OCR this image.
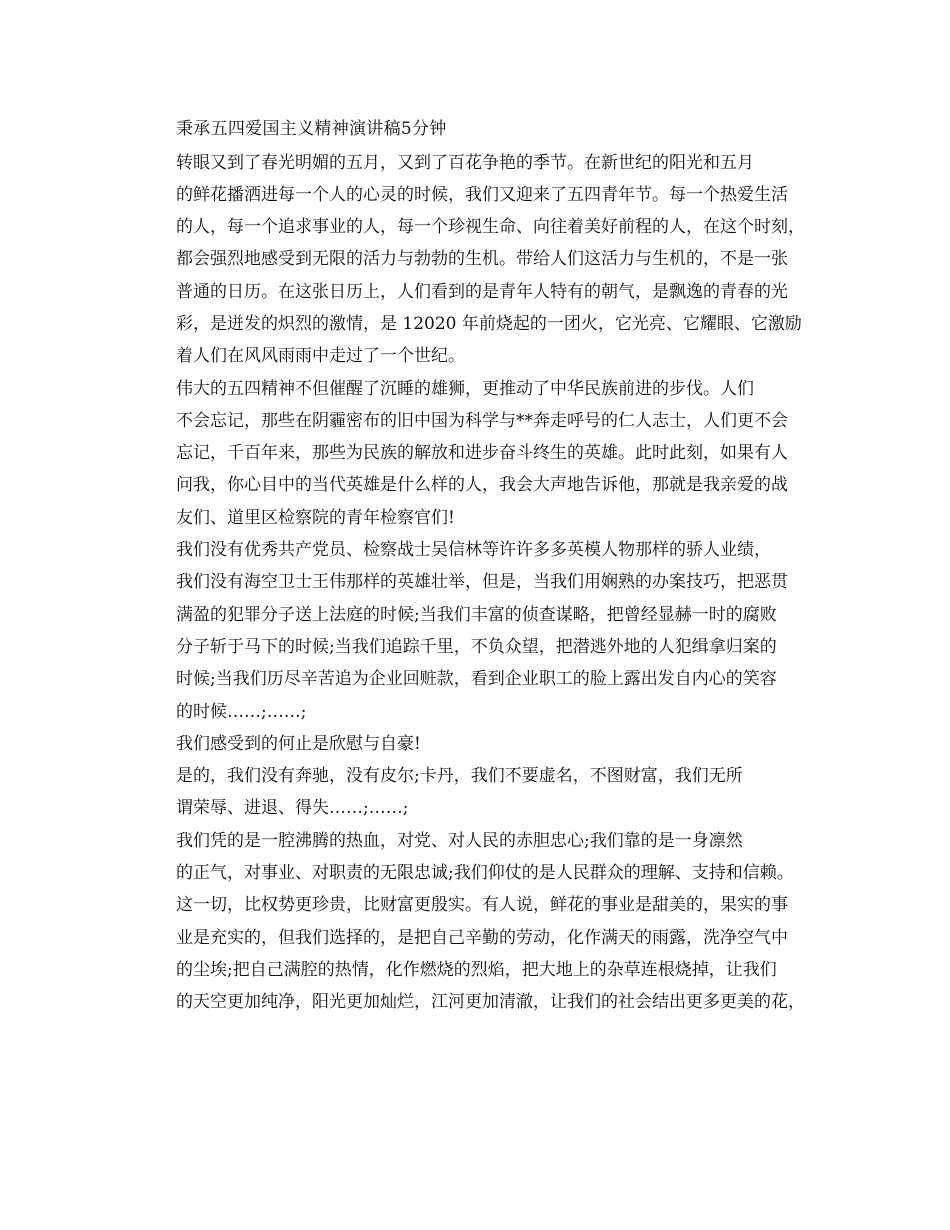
秉承五四爱国主义精神演讲稿5分钟

转眼又到了春光明媚的五月，又到了百花争艳的季节。在新世纪的阳光和五月
的鲜花播洒进每一个人的心灵的时候，我们又迎来了五四青年节。每一个热爱生活
的人，每一个追求事业的人，每一个珍视生命、向往着美好前程的人，在这个时刻，
都会强烈地感受到无限的活力与勃勃的生机。带给人们这活力与生机的，不是一张
普通的日历。在这张日历上，人们看到的是青年人特有的朝气，是飘逸的青春的光
彩，是迸发的炽烈的激情，是 12020 年前烧起的一团火，它光亮、它耀眼、它激励
着人们在风风雨雨中走过了一个世纪。

伟大的五四精神不但催醒了沉睡的雄狮，更推动了中华民族前进的步伐。人们
不会忘记，那些在阴霾密布的旧中国为科学与**奔走呼号的仁人志士，人们更不会
忘记，千百年来，那些为民族的解放和进步奋斗终生的英雄。此时此刻，如果有人
问我，你心目中的当代英雄是什么样的人，我会大声地告诉他，那就是我亲爱的战
友们、道里区检察院的青年检察官们!

我们没有优秀共产党员、检察战士吴信林等许许多多英模人物那样的骄人业绩，
我们没有海空卫士王伟那样的英雄壮举，但是，当我们用娴熟的办案技巧，把恶贯
满盈的犯罪分子送上法庭的时候;当我们丰富的侦查谋略，把曾经显赫一时的腐败
分子斩于马下的时候;当我们追踪千里，不负众望，把潜逃外地的人犯缉拿归案的
时候;当我们历尽辛苦追为企业回赃款，看到企业职工的脸上露出发自内心的笑容
的时候……;……;

我们感受到的何止是欣慰与自豪!

是的，我们没有奔驰，没有皮尔;卡丹，我们不要虚名，不图财富，我们无所
谓荣辱、进退、得失……;……;

我们凭的是一腔沸腾的热血，对党、对人民的赤胆忠心;我们靠的是一身凛然
的正气，对事业、对职责的无限忠诚;我们仰仗的是人民群众的理解、支持和信赖。
这一切，比权势更珍贵，比财富更殷实。有人说，鲜花的事业是甜美的，果实的事
业是充实的，但我们选择的，是把自己辛勤的劳动，化作满天的雨露，洗净空气中
的尘埃;把自己满腔的热情，化作燃烧的烈焰，把大地上的杂草连根烧掉，让我们
的天空更加纯净，阳光更加灿烂，江河更加清澈，让我们的社会结出更多更美的花，
